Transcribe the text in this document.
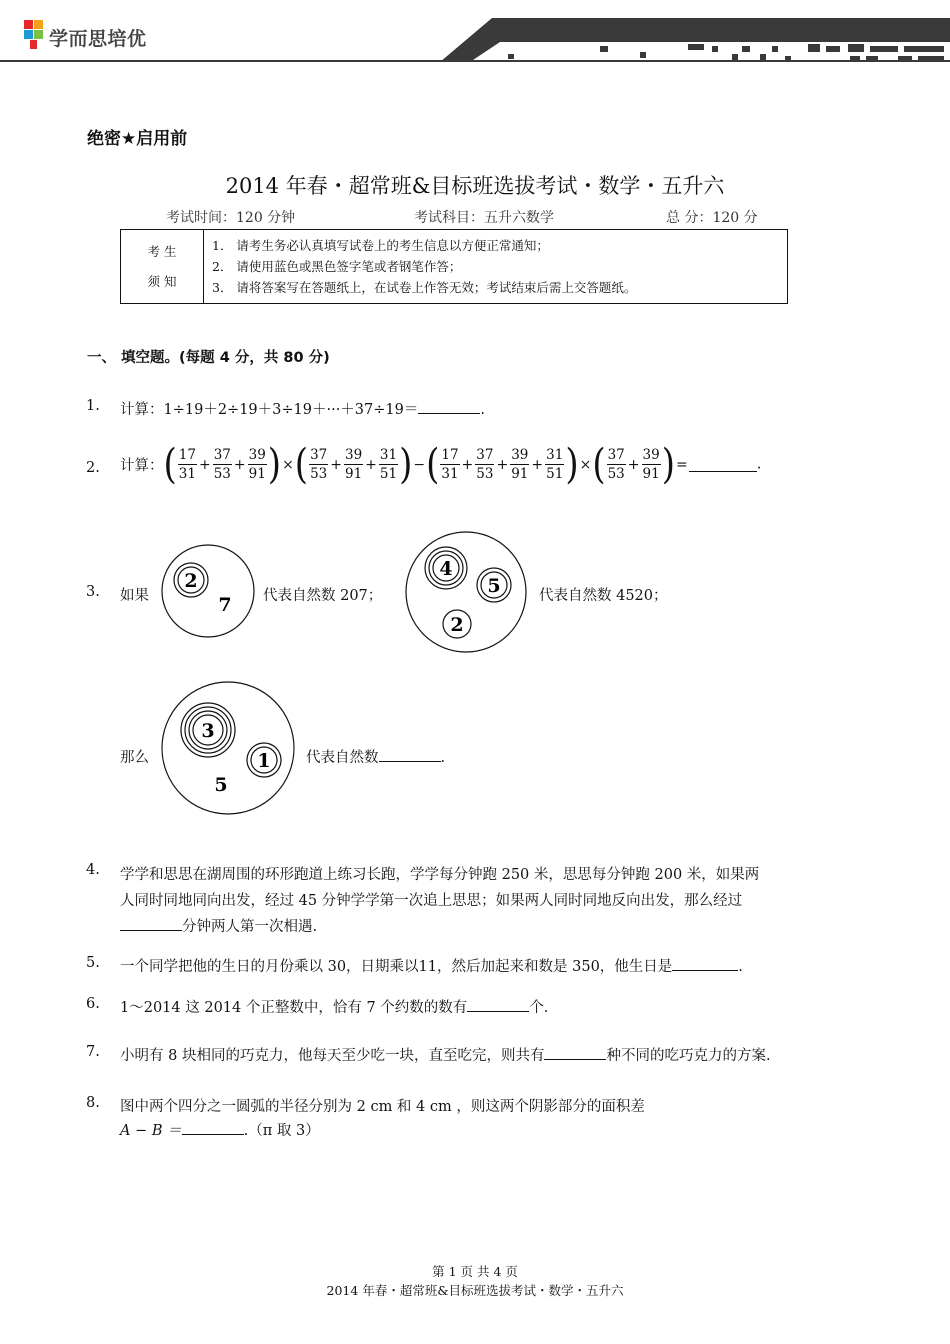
学而思培优
绝密★启用前
2014 年春・超常班&目标班选拔考试・数学・五升六
考试时间：120 分钟	考试科目：五升六数学	总 分：120 分
考 生
须 知

1． 请考生务必认真填写试卷上的考生信息以方便正常通知；
2． 请使用蓝色或黑色签字笔或者钢笔作答；
3． 请将答案写在答题纸上，在试卷上作答无效；考试结束后需上交答题纸。
一、 填空题。(每题 4 分，共 80 分)
1. 计算：1÷19＋2÷19＋3÷19＋···＋37÷19＝	.
2. 计算：( $\frac{17}{31} + \frac{37}{53} + \frac{39}{91}$ )×( $\frac{37}{53} + \frac{39}{91} + \frac{31}{51}$ )−( $\frac{17}{31} + \frac{37}{53} + \frac{39}{91} + \frac{31}{51}$ )×( $\frac{37}{53} + \frac{39}{91}$ )=	.
3. 如果
2
7 代表自然数 207；
4
5
2
代表自然数 4520；
那么
3
1
5
代表自然数	.
4. 学学和思思在湖周围的环形跑道上练习长跑，学学每分钟跑 250 米，思思每分钟跑 200 米，如果两
人同时同地同向出发，经过 45 分钟学学第一次追上思思；如果两人同时同地反向出发，那么经过
分钟两人第一次相遇.
5. 一个同学把他的生日的月份乘以 30，日期乘以11，然后加起来和数是 350，他生日是	.
6. 1～2014 这 2014 个正整数中，恰有 7 个约数的数有	个.
7. 小明有 8 块相同的巧克力，他每天至少吃一块，直至吃完，则共有	种不同的吃巧克力的方案.
8. 图中两个四分之一圆弧的半径分别为 2 cm 和 4 cm ，则这两个阴影部分的面积差
A − B ＝	.（π 取 3）
第 1 页 共 4 页
2014 年春・超常班&目标班选拔考试・数学・五升六
